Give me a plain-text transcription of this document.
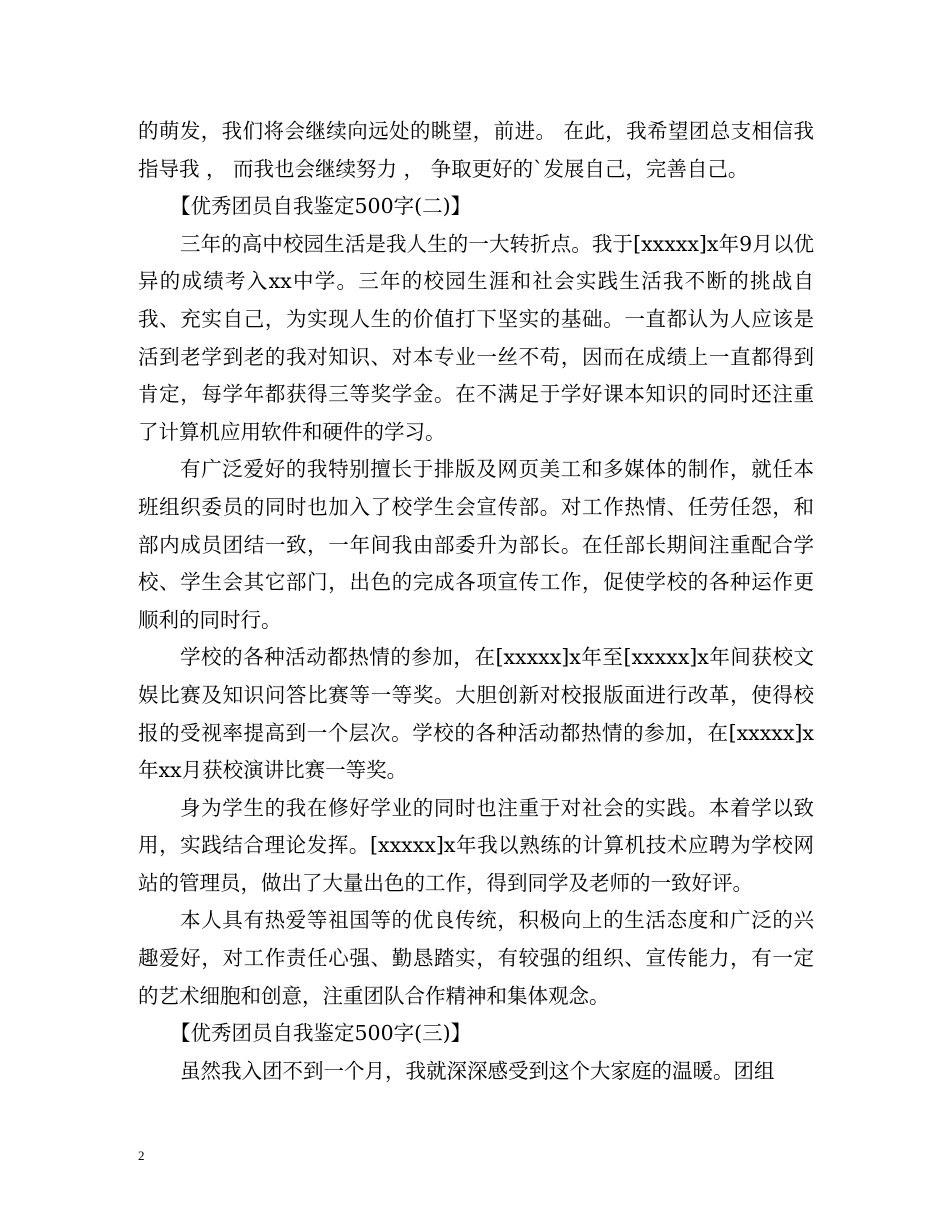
的萌发，我们将会继续向远处的眺望，前进。 在此，我希望团总支相信我指导我 ， 而我也会继续努力 ， 争取更好的`发展自己，完善自己。

【优秀团员自我鉴定500字(二)】

三年的高中校园生活是我人生的一大转折点。我于[xxxxx]x年9月以优异的成绩考入xx中学。三年的校园生涯和社会实践生活我不断的挑战自我、充实自己，为实现人生的价值打下坚实的基础。一直都认为人应该是活到老学到老的我对知识、对本专业一丝不苟，因而在成绩上一直都得到肯定，每学年都获得三等奖学金。在不满足于学好课本知识的同时还注重了计算机应用软件和硬件的学习。

有广泛爱好的我特别擅长于排版及网页美工和多媒体的制作，就任本班组织委员的同时也加入了校学生会宣传部。对工作热情、任劳任怨，和部内成员团结一致，一年间我由部委升为部长。在任部长期间注重配合学校、学生会其它部门，出色的完成各项宣传工作，促使学校的各种运作更顺利的同时行。

学校的各种活动都热情的参加，在[xxxxx]x年至[xxxxx]x年间获校文娱比赛及知识问答比赛等一等奖。大胆创新对校报版面进行改革，使得校报的受视率提高到一个层次。学校的各种活动都热情的参加，在[xxxxx]x年xx月获校演讲比赛一等奖。

身为学生的我在修好学业的同时也注重于对社会的实践。本着学以致用，实践结合理论发挥。[xxxxx]x年我以熟练的计算机技术应聘为学校网站的管理员，做出了大量出色的工作，得到同学及老师的一致好评。

本人具有热爱等祖国等的优良传统，积极向上的生活态度和广泛的兴趣爱好，对工作责任心强、勤恳踏实，有较强的组织、宣传能力，有一定的艺术细胞和创意，注重团队合作精神和集体观念。

【优秀团员自我鉴定500字(三)】

虽然我入团不到一个月，我就深深感受到这个大家庭的温暖。团组

2
